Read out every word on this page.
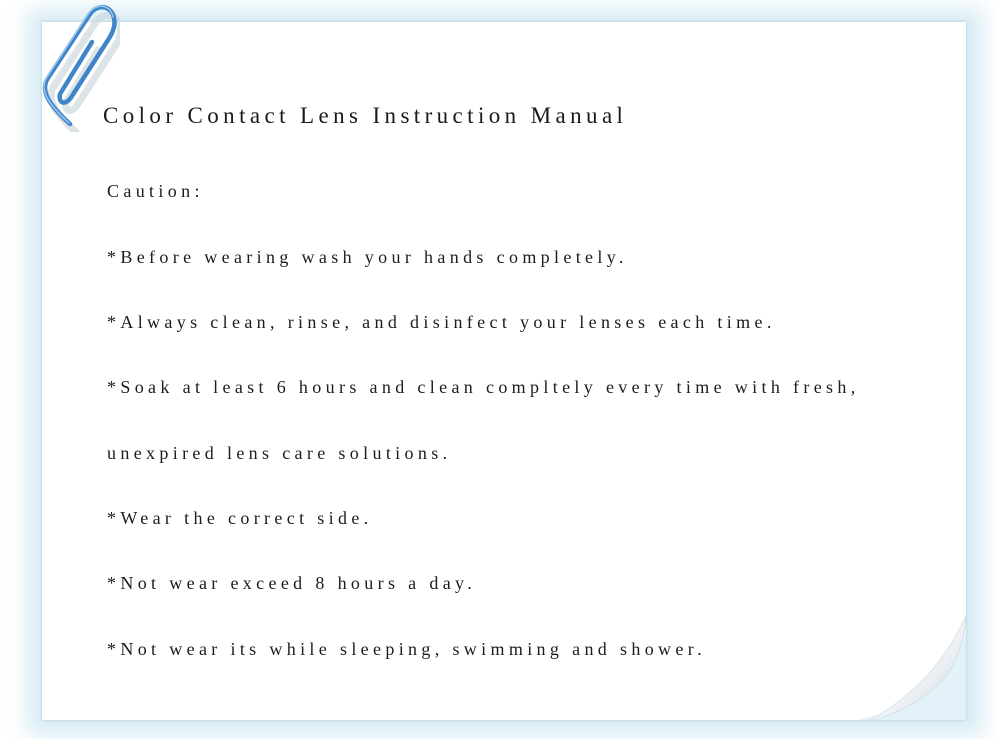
Color Contact Lens Instruction Manual

Caution:

*Before wearing wash your hands completely.

*Always clean, rinse, and disinfect your lenses each time.

*Soak at least 6 hours and clean compltely every time with fresh,

unexpired lens care solutions.

*Wear the correct side.

*Not wear exceed 8 hours a day.

*Not wear its while sleeping, swimming and shower.
